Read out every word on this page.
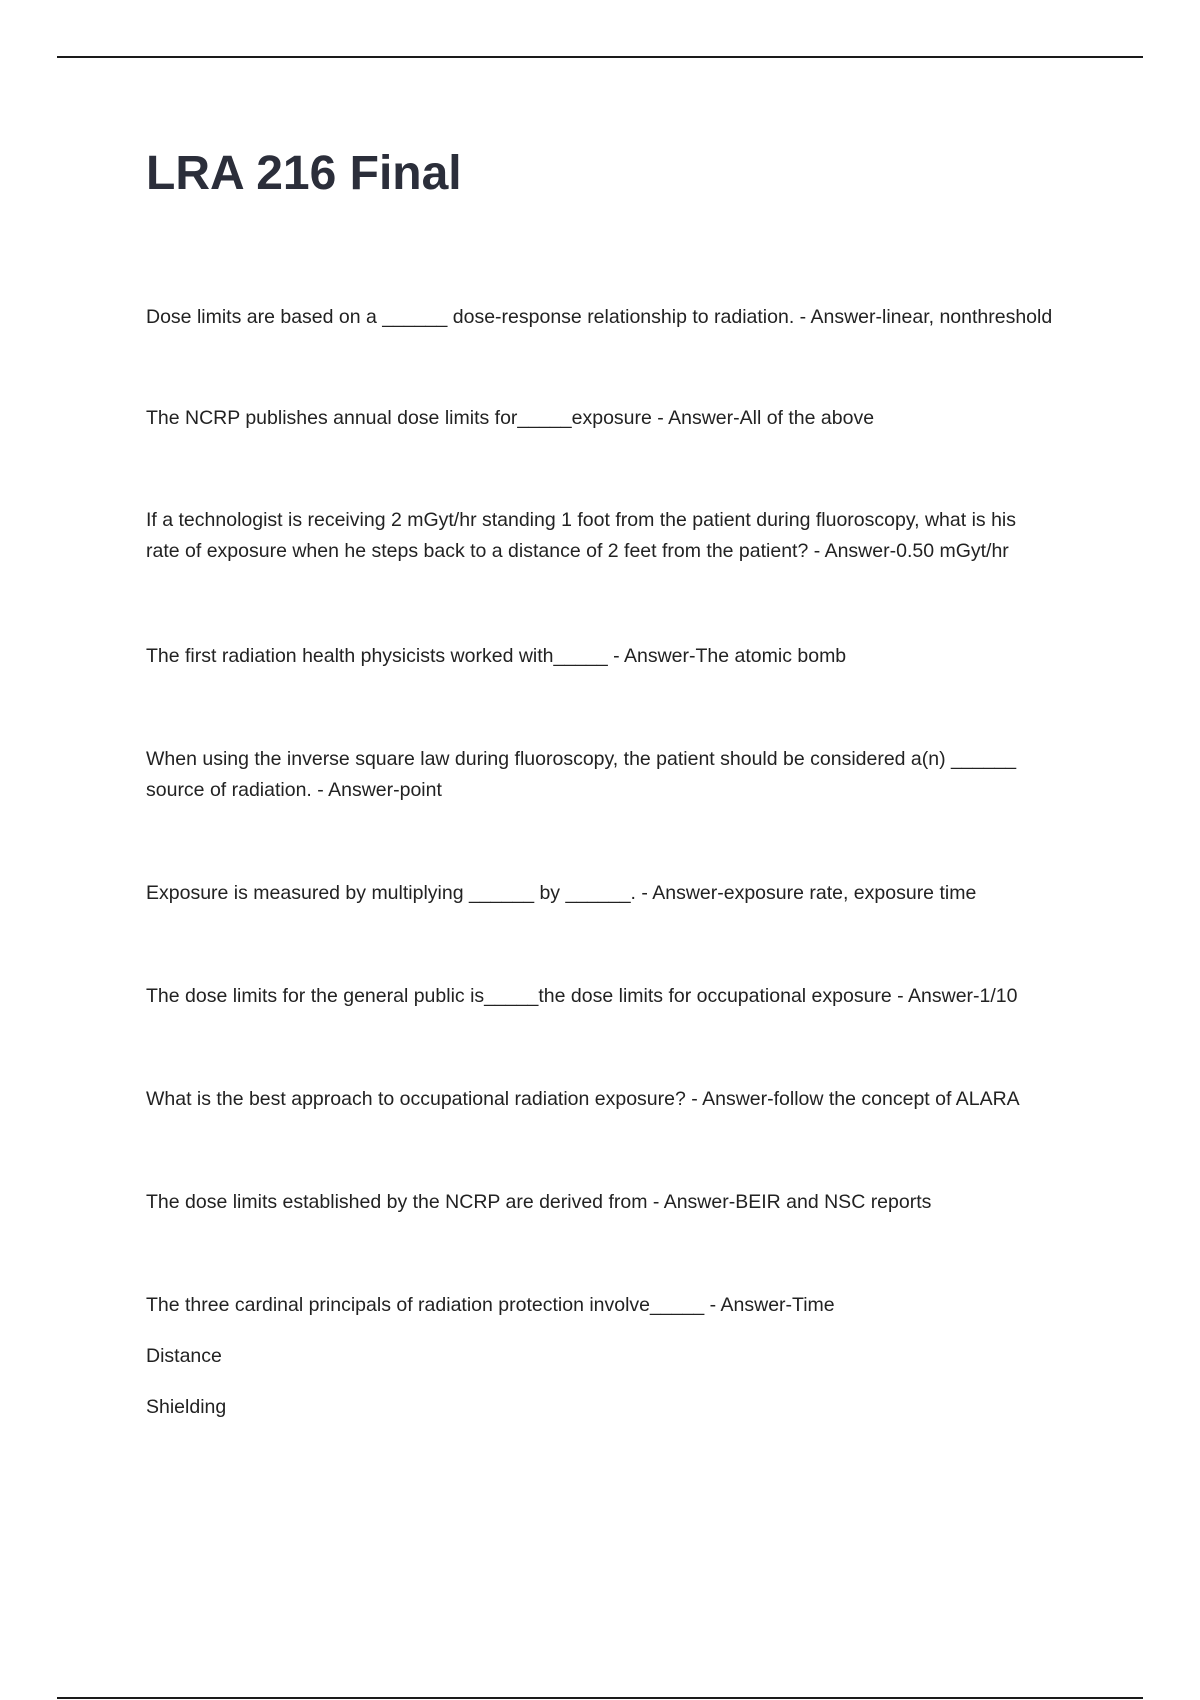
LRA 216 Final

Dose limits are based on a ______ dose-response relationship to radiation. - Answer-linear, nonthreshold

The NCRP publishes annual dose limits for_____exposure - Answer-All of the above

If a technologist is receiving 2 mGyt/hr standing 1 foot from the patient during fluoroscopy, what is his
rate of exposure when he steps back to a distance of 2 feet from the patient? - Answer-0.50 mGyt/hr

The first radiation health physicists worked with_____ - Answer-The atomic bomb

When using the inverse square law during fluoroscopy, the patient should be considered a(n) ______
source of radiation. - Answer-point

Exposure is measured by multiplying ______ by ______. - Answer-exposure rate, exposure time

The dose limits for the general public is_____the dose limits for occupational exposure - Answer-1/10

What is the best approach to occupational radiation exposure? - Answer-follow the concept of ALARA

The dose limits established by the NCRP are derived from - Answer-BEIR and NSC reports

The three cardinal principals of radiation protection involve_____ - Answer-Time
Distance
Shielding
